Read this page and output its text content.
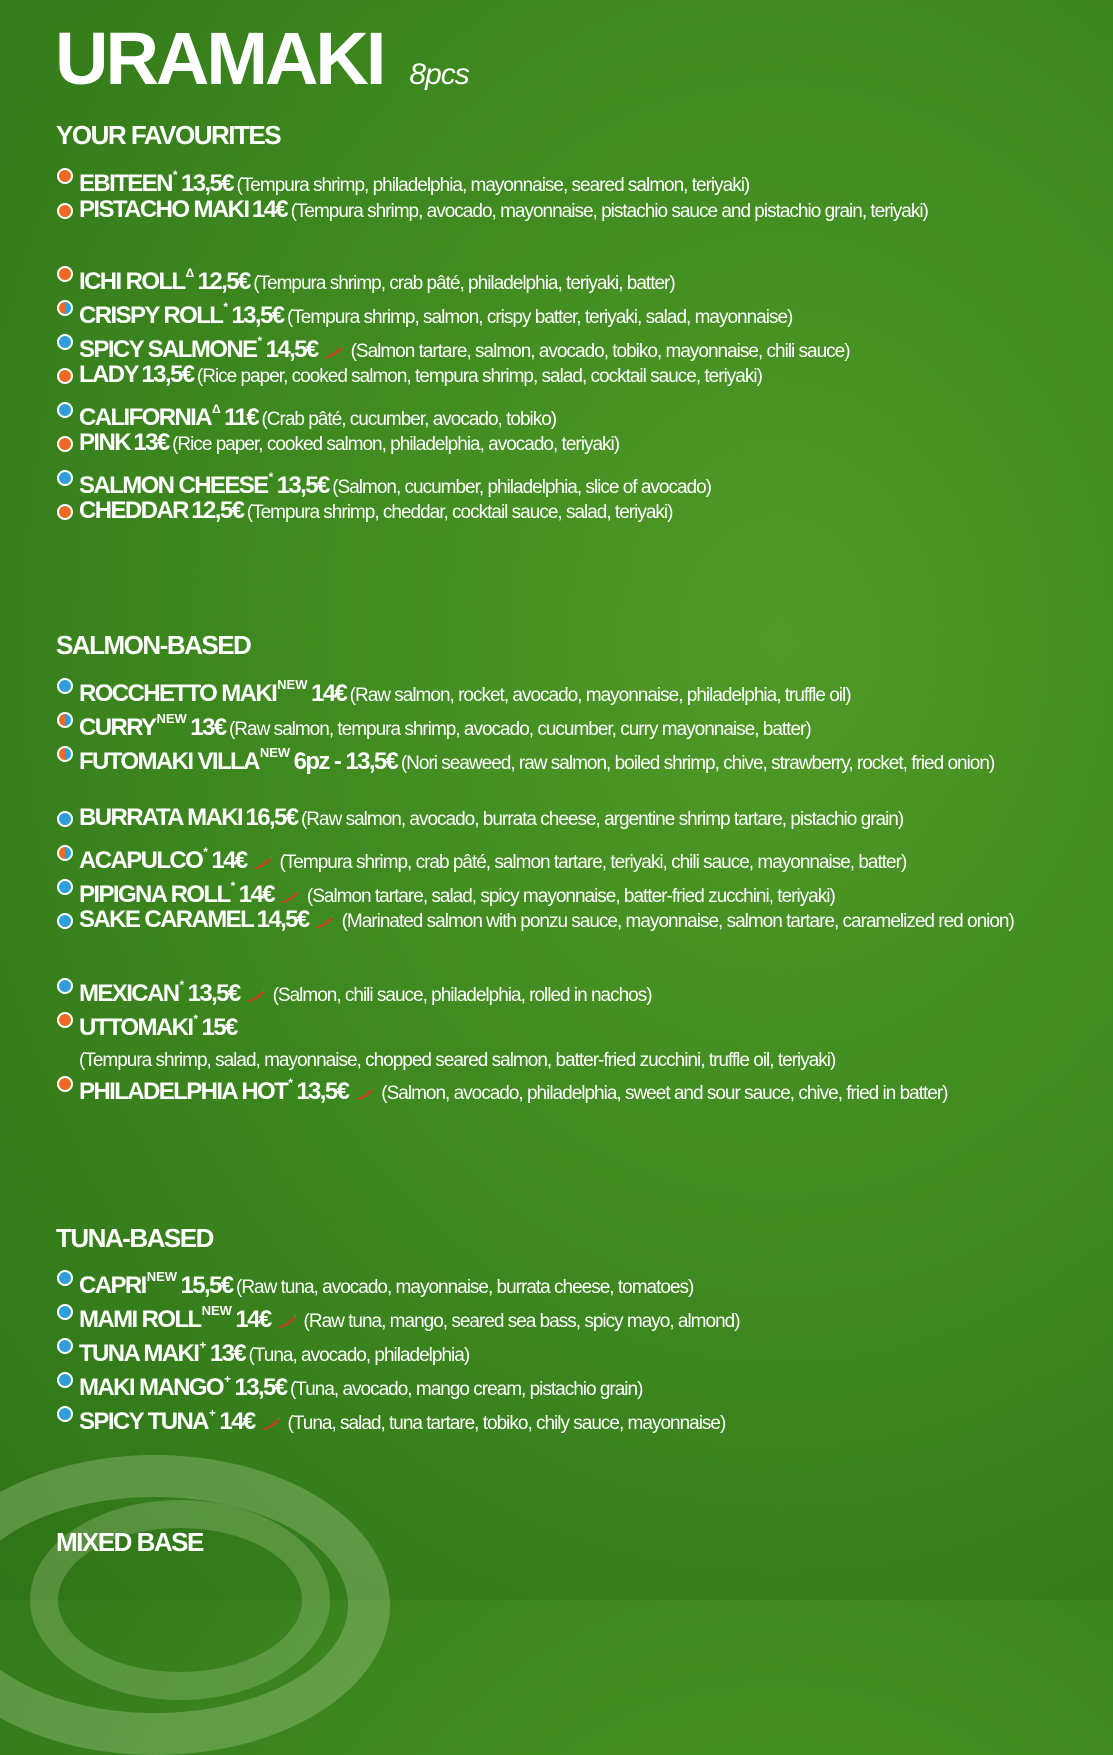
URAMAKI 8pcs
YOUR FAVOURITES
EBITEEN* 13,5€ (Tempura shrimp, philadelphia, mayonnaise, seared salmon, teriyaki)
PISTACHO MAKI 14€ (Tempura shrimp, avocado, mayonnaise, pistachio sauce and pistachio grain, teriyaki)
ICHI $ROLL^\Delta$ 12,5€ (Tempura shrimp, crab pâté, philadelphia, teriyaki, batter)
CRISPY ROLL* 13,5€ (Tempura shrimp, salmon, crispy batter, teriyaki, salad, mayonnaise)
SPICY SALMONE* 14,5€ (Salmon tartare, salmon, avocado, tobiko, mayonnaise, chili sauce)
LADY 13,5€ (Rice paper, cooked salmon, tempura shrimp, salad, cocktail sauce, teriyaki)
$CALIFORNIA^\Delta$ 11€ (Crab pâté, cucumber, avocado, tobiko)
PINK 13€ (Rice paper, cooked salmon, philadelphia, avocado, teriyaki)
SALMON CHEESE* 13,5€ (Salmon, cucumber, philadelphia, slice of avocado)
CHEDDAR 12,5€ (Tempura shrimp, cheddar, cocktail sauce, salad, teriyaki)
SALMON-BASED
ROCCHETTO $MAKI^{NEW}$ 14€ (Raw salmon, rocket, avocado, mayonnaise, philadelphia, truffle oil)
$CURRY^{NEW}$ 13€ (Raw salmon, tempura shrimp, avocado, cucumber, curry mayonnaise, batter)
FUTOMAKI $VILLA^{NEW}$ 6pz - 13,5€ (Nori seaweed, raw salmon, boiled shrimp, chive, strawberry, rocket, fried onion)
BURRATA MAKI 16,5€ (Raw salmon, avocado, burrata cheese, argentine shrimp tartare, pistachio grain)
ACAPULCO* 14€ (Tempura shrimp, crab pâté, salmon tartare, teriyaki, chili sauce, mayonnaise, batter)
PIPIGNA ROLL* 14€ (Salmon tartare, salad, spicy mayonnaise, batter-fried zucchini, teriyaki)
SAKE CARAMEL 14,5€ (Marinated salmon with ponzu sauce, mayonnaise, salmon tartare, caramelized red onion)
MEXICAN* 13,5€ (Salmon, chili sauce, philadelphia, rolled in nachos)
UTTOMAKI* 15€
(Tempura shrimp, salad, mayonnaise, chopped seared salmon, batter-fried zucchini, truffle oil, teriyaki)
PHILADELPHIA HOT* 13,5€ (Salmon, avocado, philadelphia, sweet and sour sauce, chive, fried in batter)
TUNA-BASED
$CAPRI^{NEW}$ 15,5€ (Raw tuna, avocado, mayonnaise, burrata cheese, tomatoes)
MAMI $ROLL^{NEW}$ 14€ (Raw tuna, mango, seared sea bass, spicy mayo, almond)
TUNA MAKI+ 13€ (Tuna, avocado, philadelphia)
MAKI MANGO+ 13,5€ (Tuna, avocado, mango cream, pistachio grain)
SPICY TUNA+ 14€ (Tuna, salad, tuna tartare, tobiko, chily sauce, mayonnaise)
MIXED BASE
